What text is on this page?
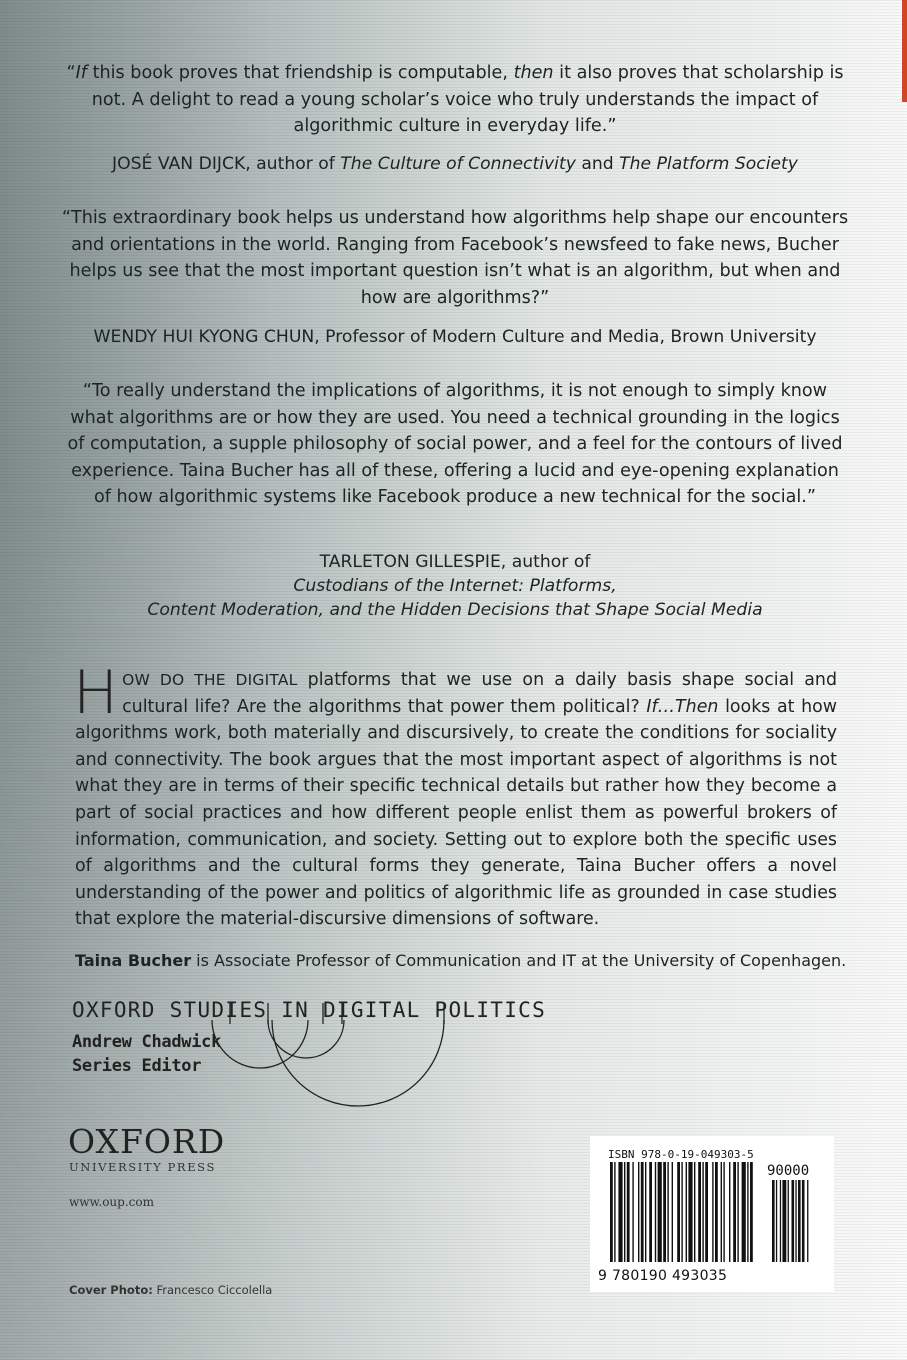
“If this book proves that friendship is computable, then it also proves that scholarship is not. A delight to read a young scholar’s voice who truly understands the impact of algorithmic culture in everyday life.”
JOSÉ VAN DIJCK, author of The Culture of Connectivity and The Platform Society
“This extraordinary book helps us understand how algorithms help shape our encounters and orientations in the world. Ranging from Facebook’s newsfeed to fake news, Bucher helps us see that the most important question isn’t what is an algorithm, but when and how are algorithms?”
WENDY HUI KYONG CHUN, Professor of Modern Culture and Media, Brown University
“To really understand the implications of algorithms, it is not enough to simply know what algorithms are or how they are used. You need a technical grounding in the logics of computation, a supple philosophy of social power, and a feel for the contours of lived experience. Taina Bucher has all of these, offering a lucid and eye-opening explanation of how algorithmic systems like Facebook produce a new technical for the social.”
TARLETON GILLESPIE, author of
Custodians of the Internet: Platforms,
Content Moderation, and the Hidden Decisions that Shape Social Media
HOW DO THE DIGITAL platforms that we use on a daily basis shape social and cultural life? Are the algorithms that power them political? If…Then looks at how algorithms work, both materially and discursively, to create the conditions for sociality and connectivity. The book argues that the most important aspect of algorithms is not what they are in terms of their specific technical details but rather how they become a part of social practices and how different people enlist them as powerful brokers of information, communication, and society. Setting out to explore both the specific uses of algorithms and the cultural forms they generate, Taina Bucher offers a novel understanding of the power and politics of algorithmic life as grounded in case studies that explore the material-discursive dimensions of software.
Taina Bucher is Associate Professor of Communication and IT at the University of Copenhagen.
OXFORD STUDIES IN DIGITAL POLITICS
Andrew Chadwick
Series Editor
OXFORD
UNIVERSITY PRESS
www.oup.com
Cover Photo: Francesco Ciccolella
ISBN 978-0-19-049303-5
90000
9 780190 493035
